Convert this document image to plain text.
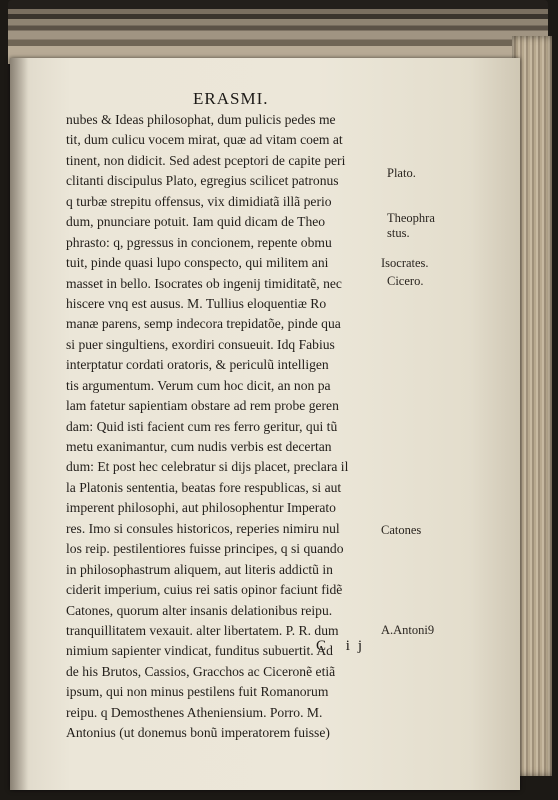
ERASMI.
nubes & Ideas philosophat, dum pulicis pedes me
tit, dum culicu vocem mirat, quæ ad vitam coem at
tinent, non didicit. Sed adest pceptori de capite peri
clitanti discipulus Plato, egregius scilicet patronus
q turbæ strepitu offensus, vix dimidiatã illã perio
dum, pnunciare potuit. Iam quid dicam de Theo
phrasto: q, pgressus in concionem, repente obmu
tuit, pinde quasi lupo conspecto, qui militem ani
masset in bello. Isocrates ob ingenij timiditatẽ, nec
hiscere vnq est ausus. M. Tullius eloquentiæ Ro
manæ parens, semp indecora trepidatõe, pinde qua
si puer singultiens, exordiri consueuit. Idq Fabius
interptatur cordati oratoris, & periculũ intelligen
tis argumentum. Verum cum hoc dicit, an non pa
lam fatetur sapientiam obstare ad rem probe geren
dam: Quid isti facient cum res ferro geritur, qui tũ
metu exanimantur, cum nudis verbis est decertan
dum: Et post hec celebratur si dijs placet, preclara il
la Platonis sententia, beatas fore respublicas, si aut
imperent philosophi, aut philosophentur Imperato
res. Imo si consules historicos, reperies nimiru nul
los reip. pestilentiores fuisse principes, q si quando
in philosophastrum aliquem, aut literis addictũ in
ciderit imperium, cuius rei satis opinor faciunt fidẽ
Catones, quorum alter insanis delationibus reipu.
tranquillitatem vexauit. alter libertatem. P. R. dum
nimium sapienter vindicat, funditus subuertit. Ad
de his Brutos, Cassios, Gracchos ac Ciceronẽ etiã
ipsum, qui non minus pestilens fuit Romanorum
reipu. q Demosthenes Atheniensium. Porro. M.
Antonius (ut donemus bonũ imperatorem fuisse)
Plato.
Theophra
stus.
Isocrates.
Cicero.
Catones
A.Antoni9
C ij
